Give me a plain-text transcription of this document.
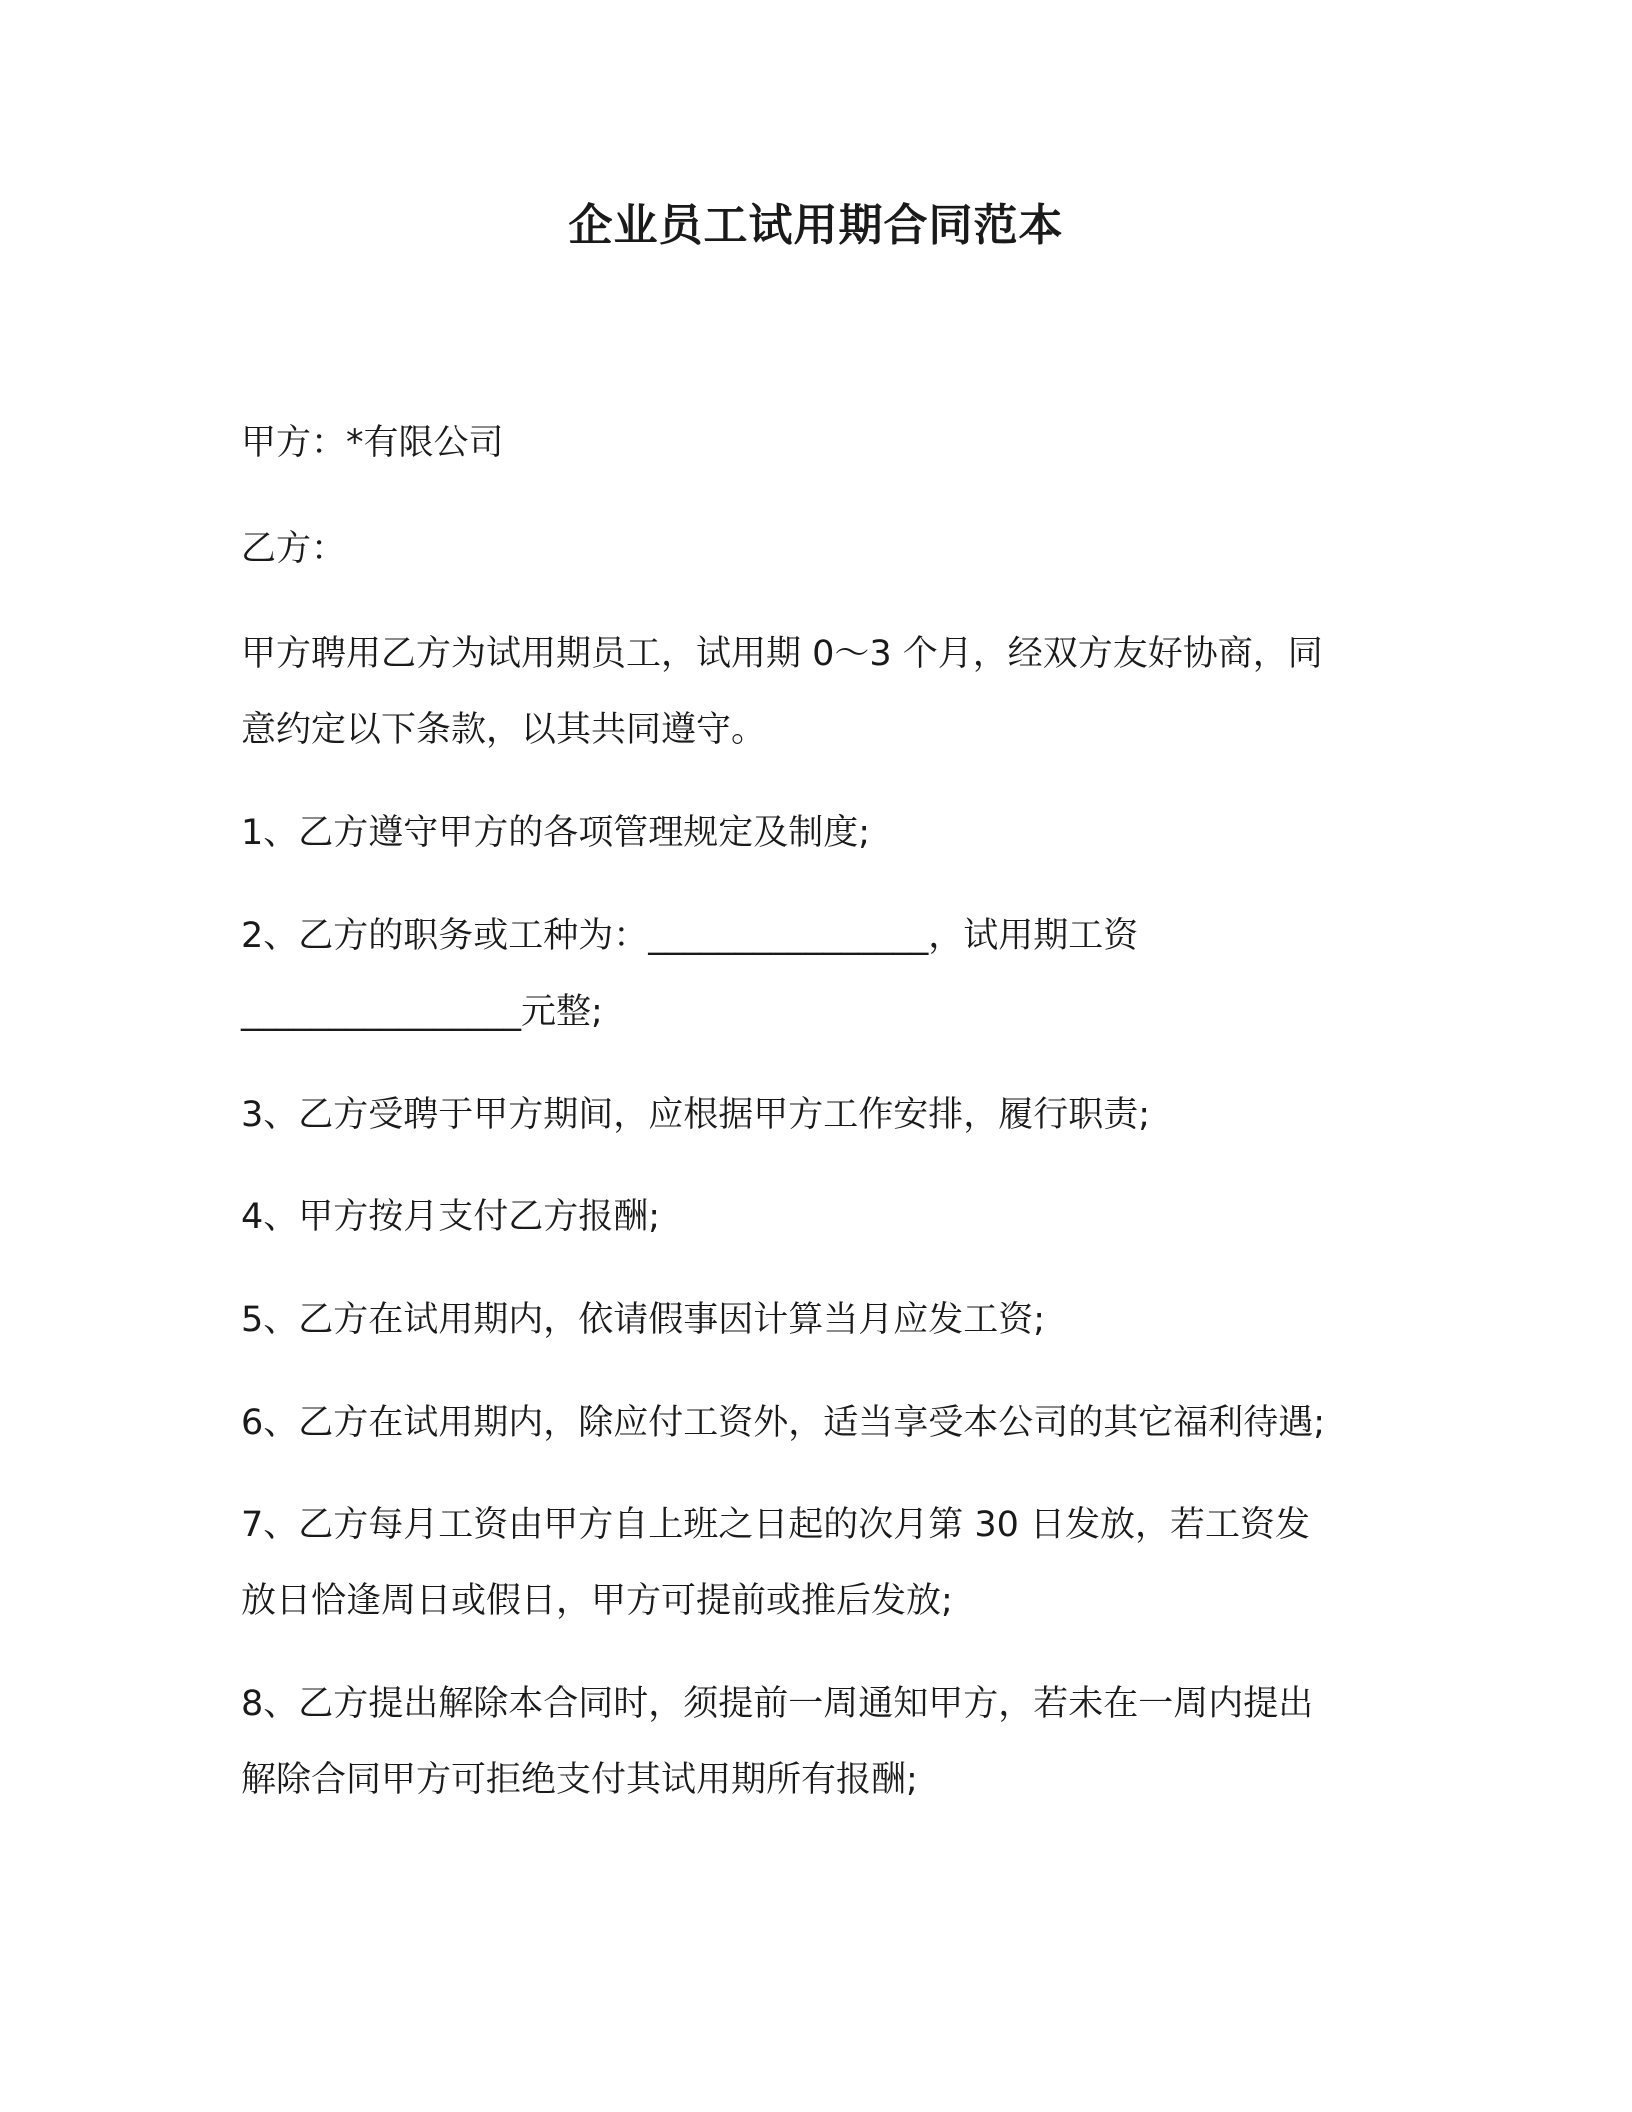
企业员工试用期合同范本

甲方：*有限公司

乙方：

甲方聘用乙方为试用期员工，试用期 0～3 个月，经双方友好协商，同
意约定以下条款，以其共同遵守。

1、乙方遵守甲方的各项管理规定及制度;

2、乙方的职务或工种为：________________，试用期工资
________________元整;

3、乙方受聘于甲方期间，应根据甲方工作安排，履行职责;

4、甲方按月支付乙方报酬;

5、乙方在试用期内，依请假事因计算当月应发工资;

6、乙方在试用期内，除应付工资外，适当享受本公司的其它福利待遇;

7、乙方每月工资由甲方自上班之日起的次月第 30 日发放，若工资发
放日恰逢周日或假日，甲方可提前或推后发放;

8、乙方提出解除本合同时，须提前一周通知甲方，若未在一周内提出
解除合同甲方可拒绝支付其试用期所有报酬;
